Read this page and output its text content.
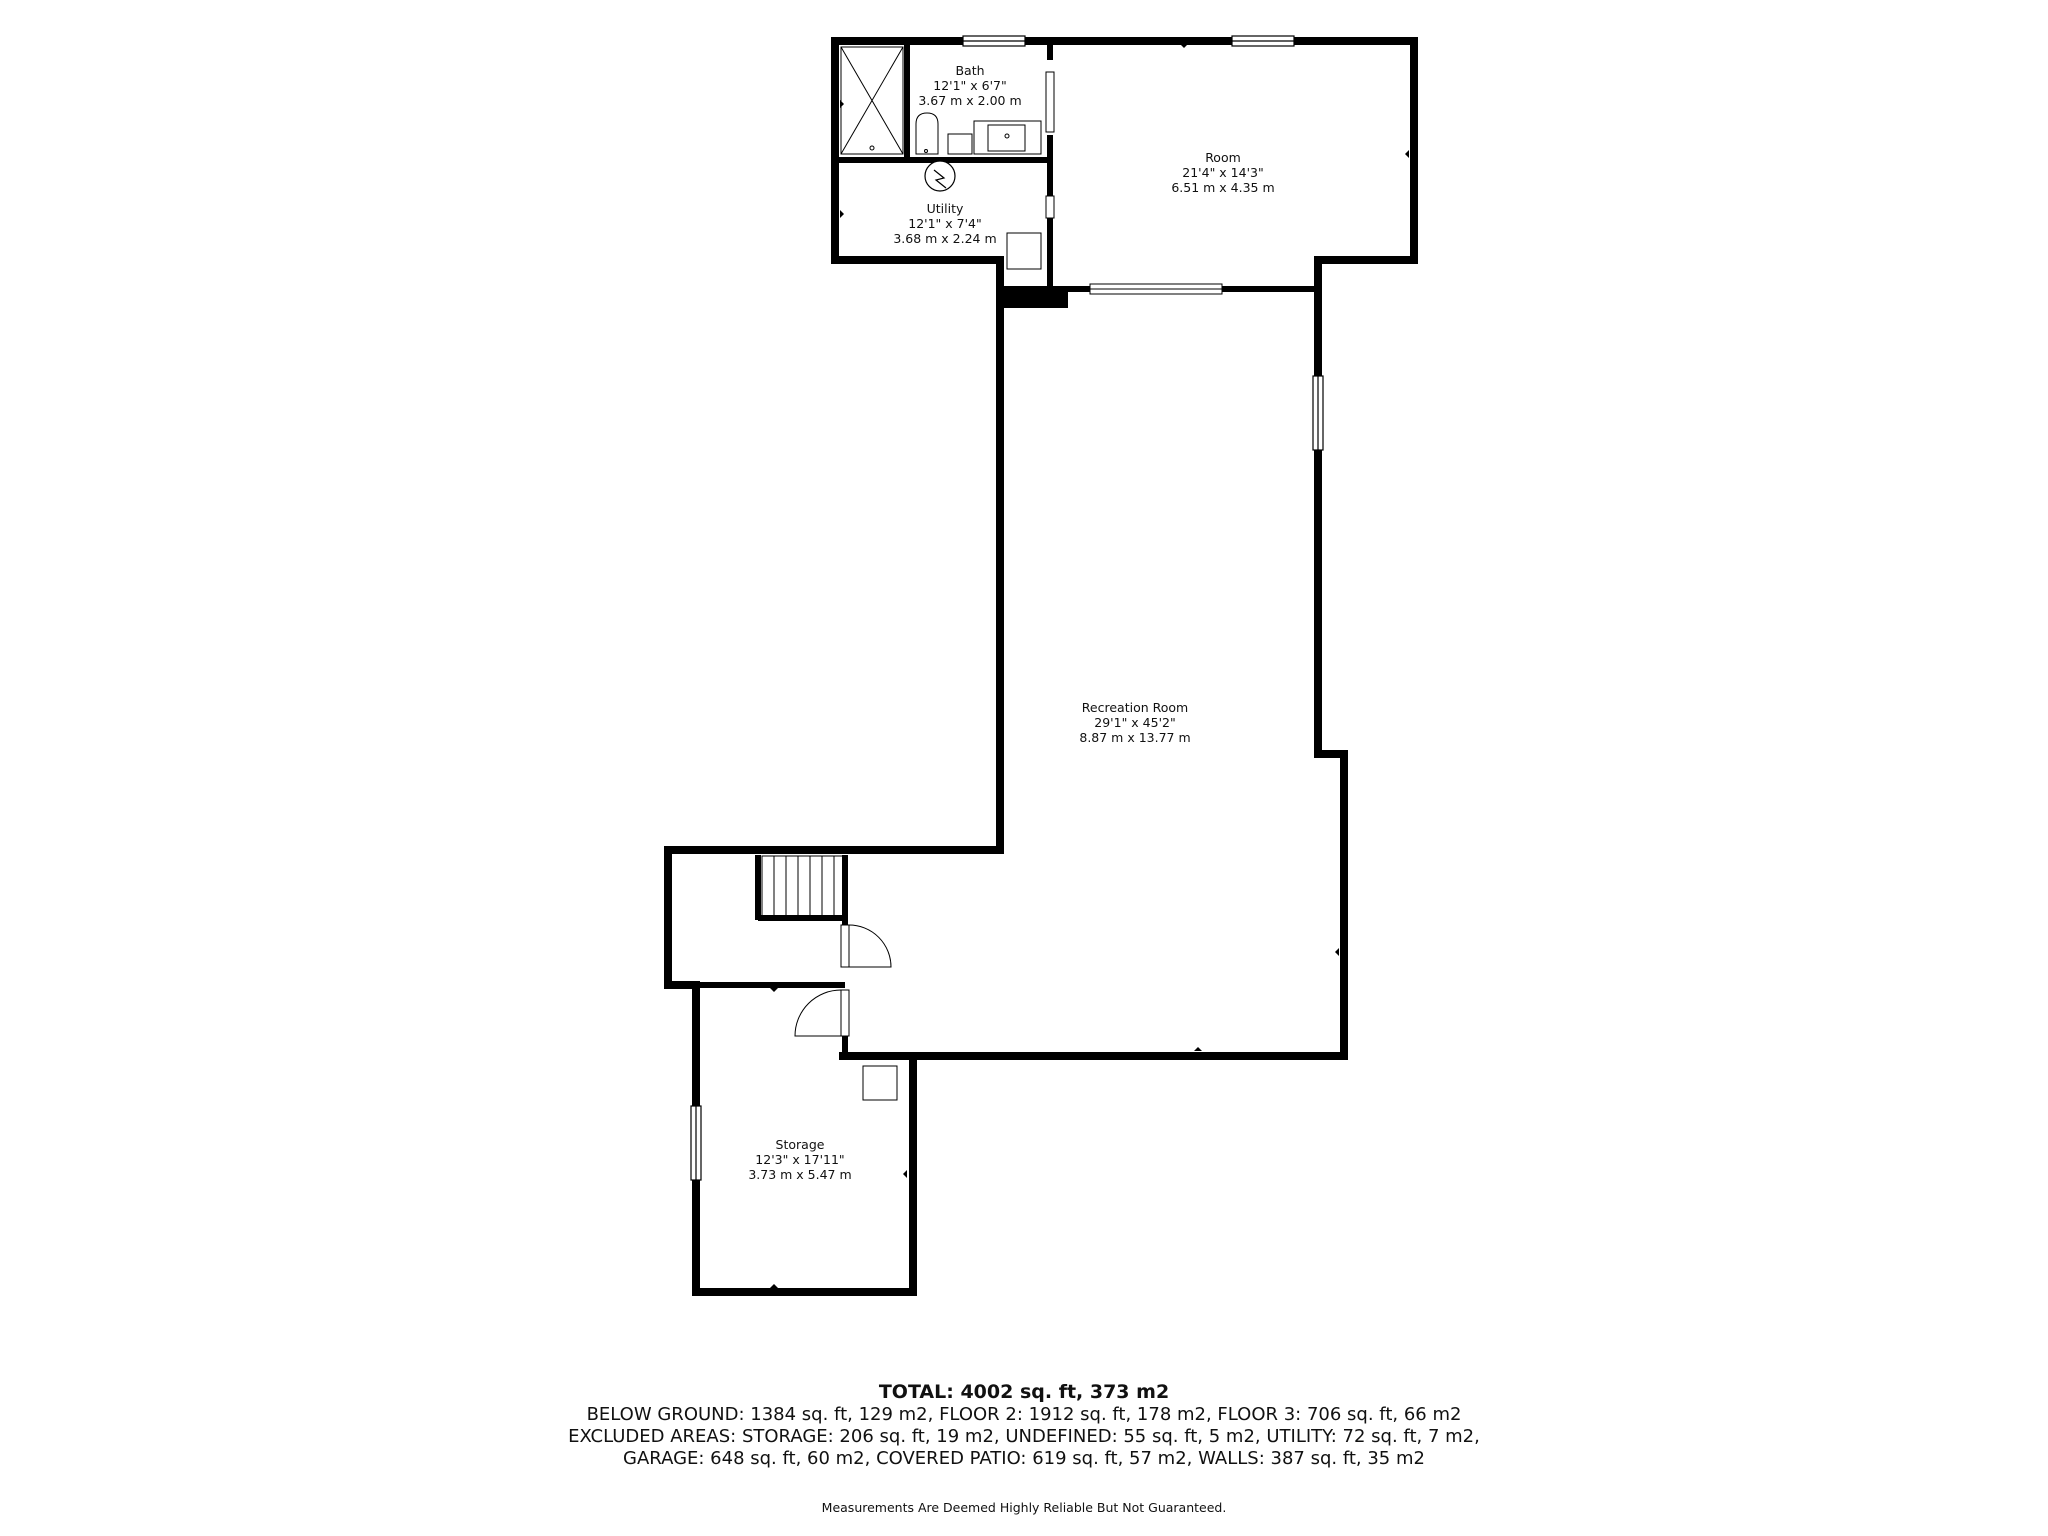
Bath
12'1" x 6'7"
3.67 m x 2.00 m
Room
21'4" x 14'3"
6.51 m x 4.35 m
Utility
12'1" x 7'4"
3.68 m x 2.24 m
Recreation Room
29'1" x 45'2"
8.87 m x 13.77 m
Storage
12'3" x 17'11"
3.73 m x 5.47 m
TOTAL: 4002 sq. ft, 373 m2
BELOW GROUND: 1384 sq. ft, 129 m2, FLOOR 2: 1912 sq. ft, 178 m2, FLOOR 3: 706 sq. ft, 66 m2
EXCLUDED AREAS: STORAGE: 206 sq. ft, 19 m2, UNDEFINED: 55 sq. ft, 5 m2, UTILITY: 72 sq. ft, 7 m2,
GARAGE: 648 sq. ft, 60 m2, COVERED PATIO: 619 sq. ft, 57 m2, WALLS: 387 sq. ft, 35 m2
Measurements Are Deemed Highly Reliable But Not Guaranteed.
